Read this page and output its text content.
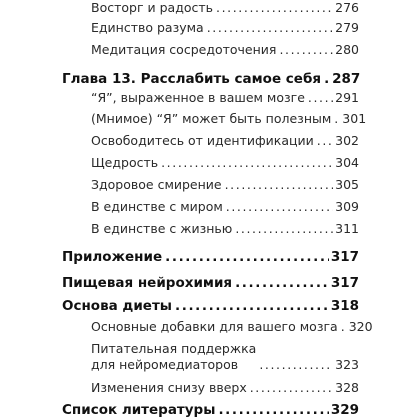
Восторг и радость .....	276
Единство разума .....	279
Медитация сосредоточения .....	280
Глава 13. Расслабить самое себя ..... 287
“Я”, выраженное в вашем мозге ..... 291
(Мнимое) “Я” может быть полезным ..... 301
Освободитесь от идентификации ..... 302
Щедрость .....	304
Здоровое смирение .....	305
В единстве с миром .....	309
В единстве с жизнью .....	311
Приложение .....	317
Пищевая нейрохимия .....	317
Основа диеты .....	318
Основные добавки для вашего мозга ..... 320
Питательная поддержка
для нейромедиаторов .....	323
Изменения снизу вверх .....	328
Список литературы .....	329
